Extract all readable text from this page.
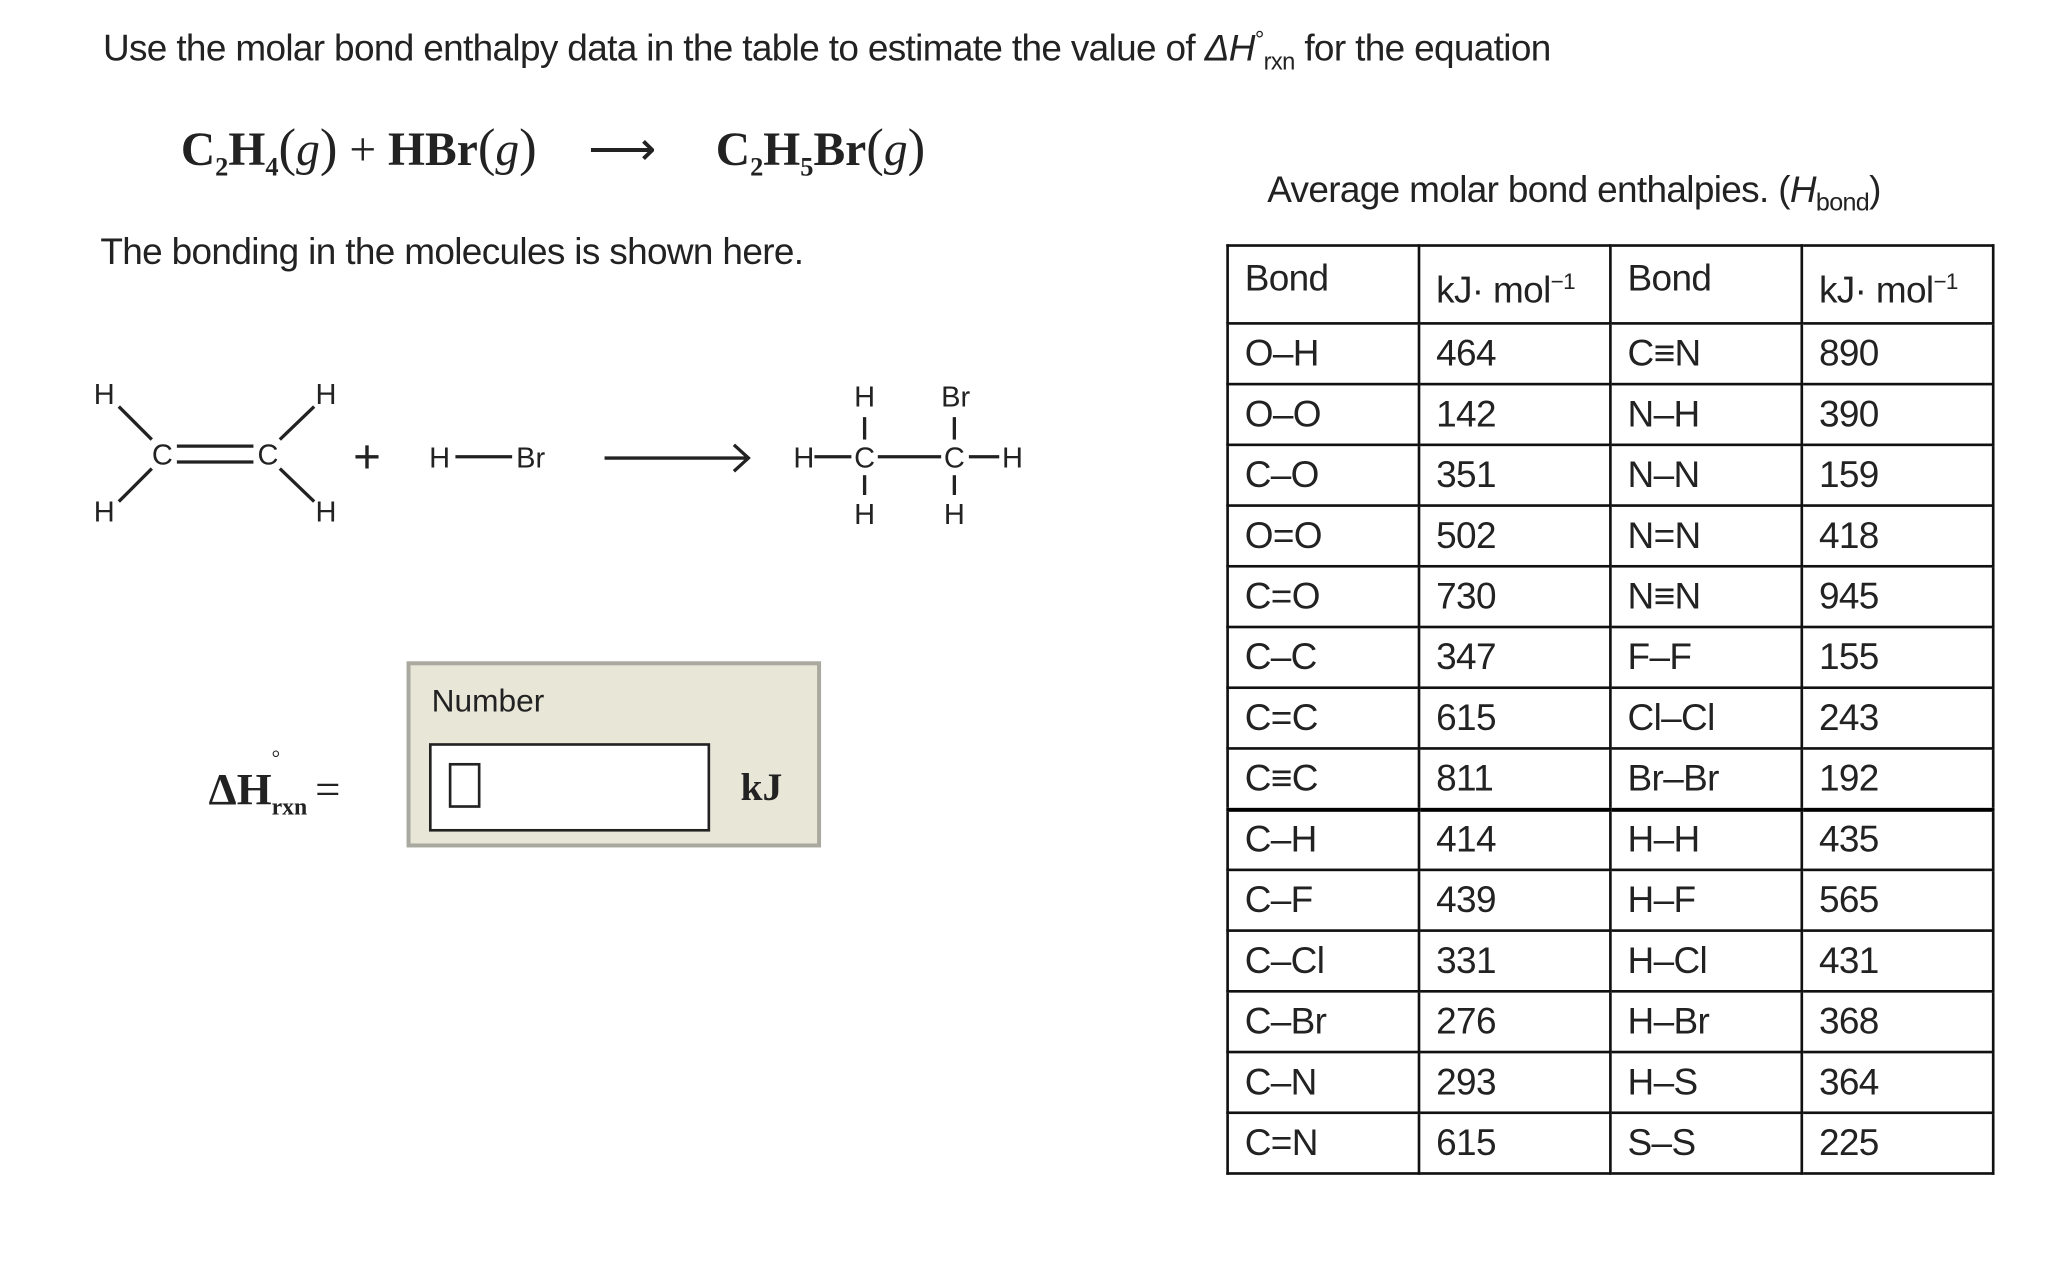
Use the molar bond enthalpy data in the table to estimate the value of $\Delta H^\circ_{rxn}$ for the equation
$C_2H_4(g) + HBr(g)$ ⟶ $C_2H_5Br(g)$
The bonding in the molecules is shown here.
H
H
C	C
H
H
+ H	Br	H C	C H
H	Br
H	H
ΔH
°
$_{rxn}$ =
Number
kJ
Average molar bond enthalpies. $(H_{bond})$
Bond	kJ· mol$^{-1}$	Bond	kJ· mol$^{-1}$
O–H	464	C≡N	890
O–O	142	N–H	390
C–O	351	N–N	159
O=O	502	N=N	418
C=O	730	N≡N	945
C–C	347	F–F	155
C=C	615	Cl–Cl	243
C≡C	811	Br–Br	192
C–H	414	H–H	435
C–F	439	H–F	565
C–Cl	331	H–Cl	431
C–Br	276	H–Br	368
C–N	293	H–S	364
C=N	615	S–S	225
